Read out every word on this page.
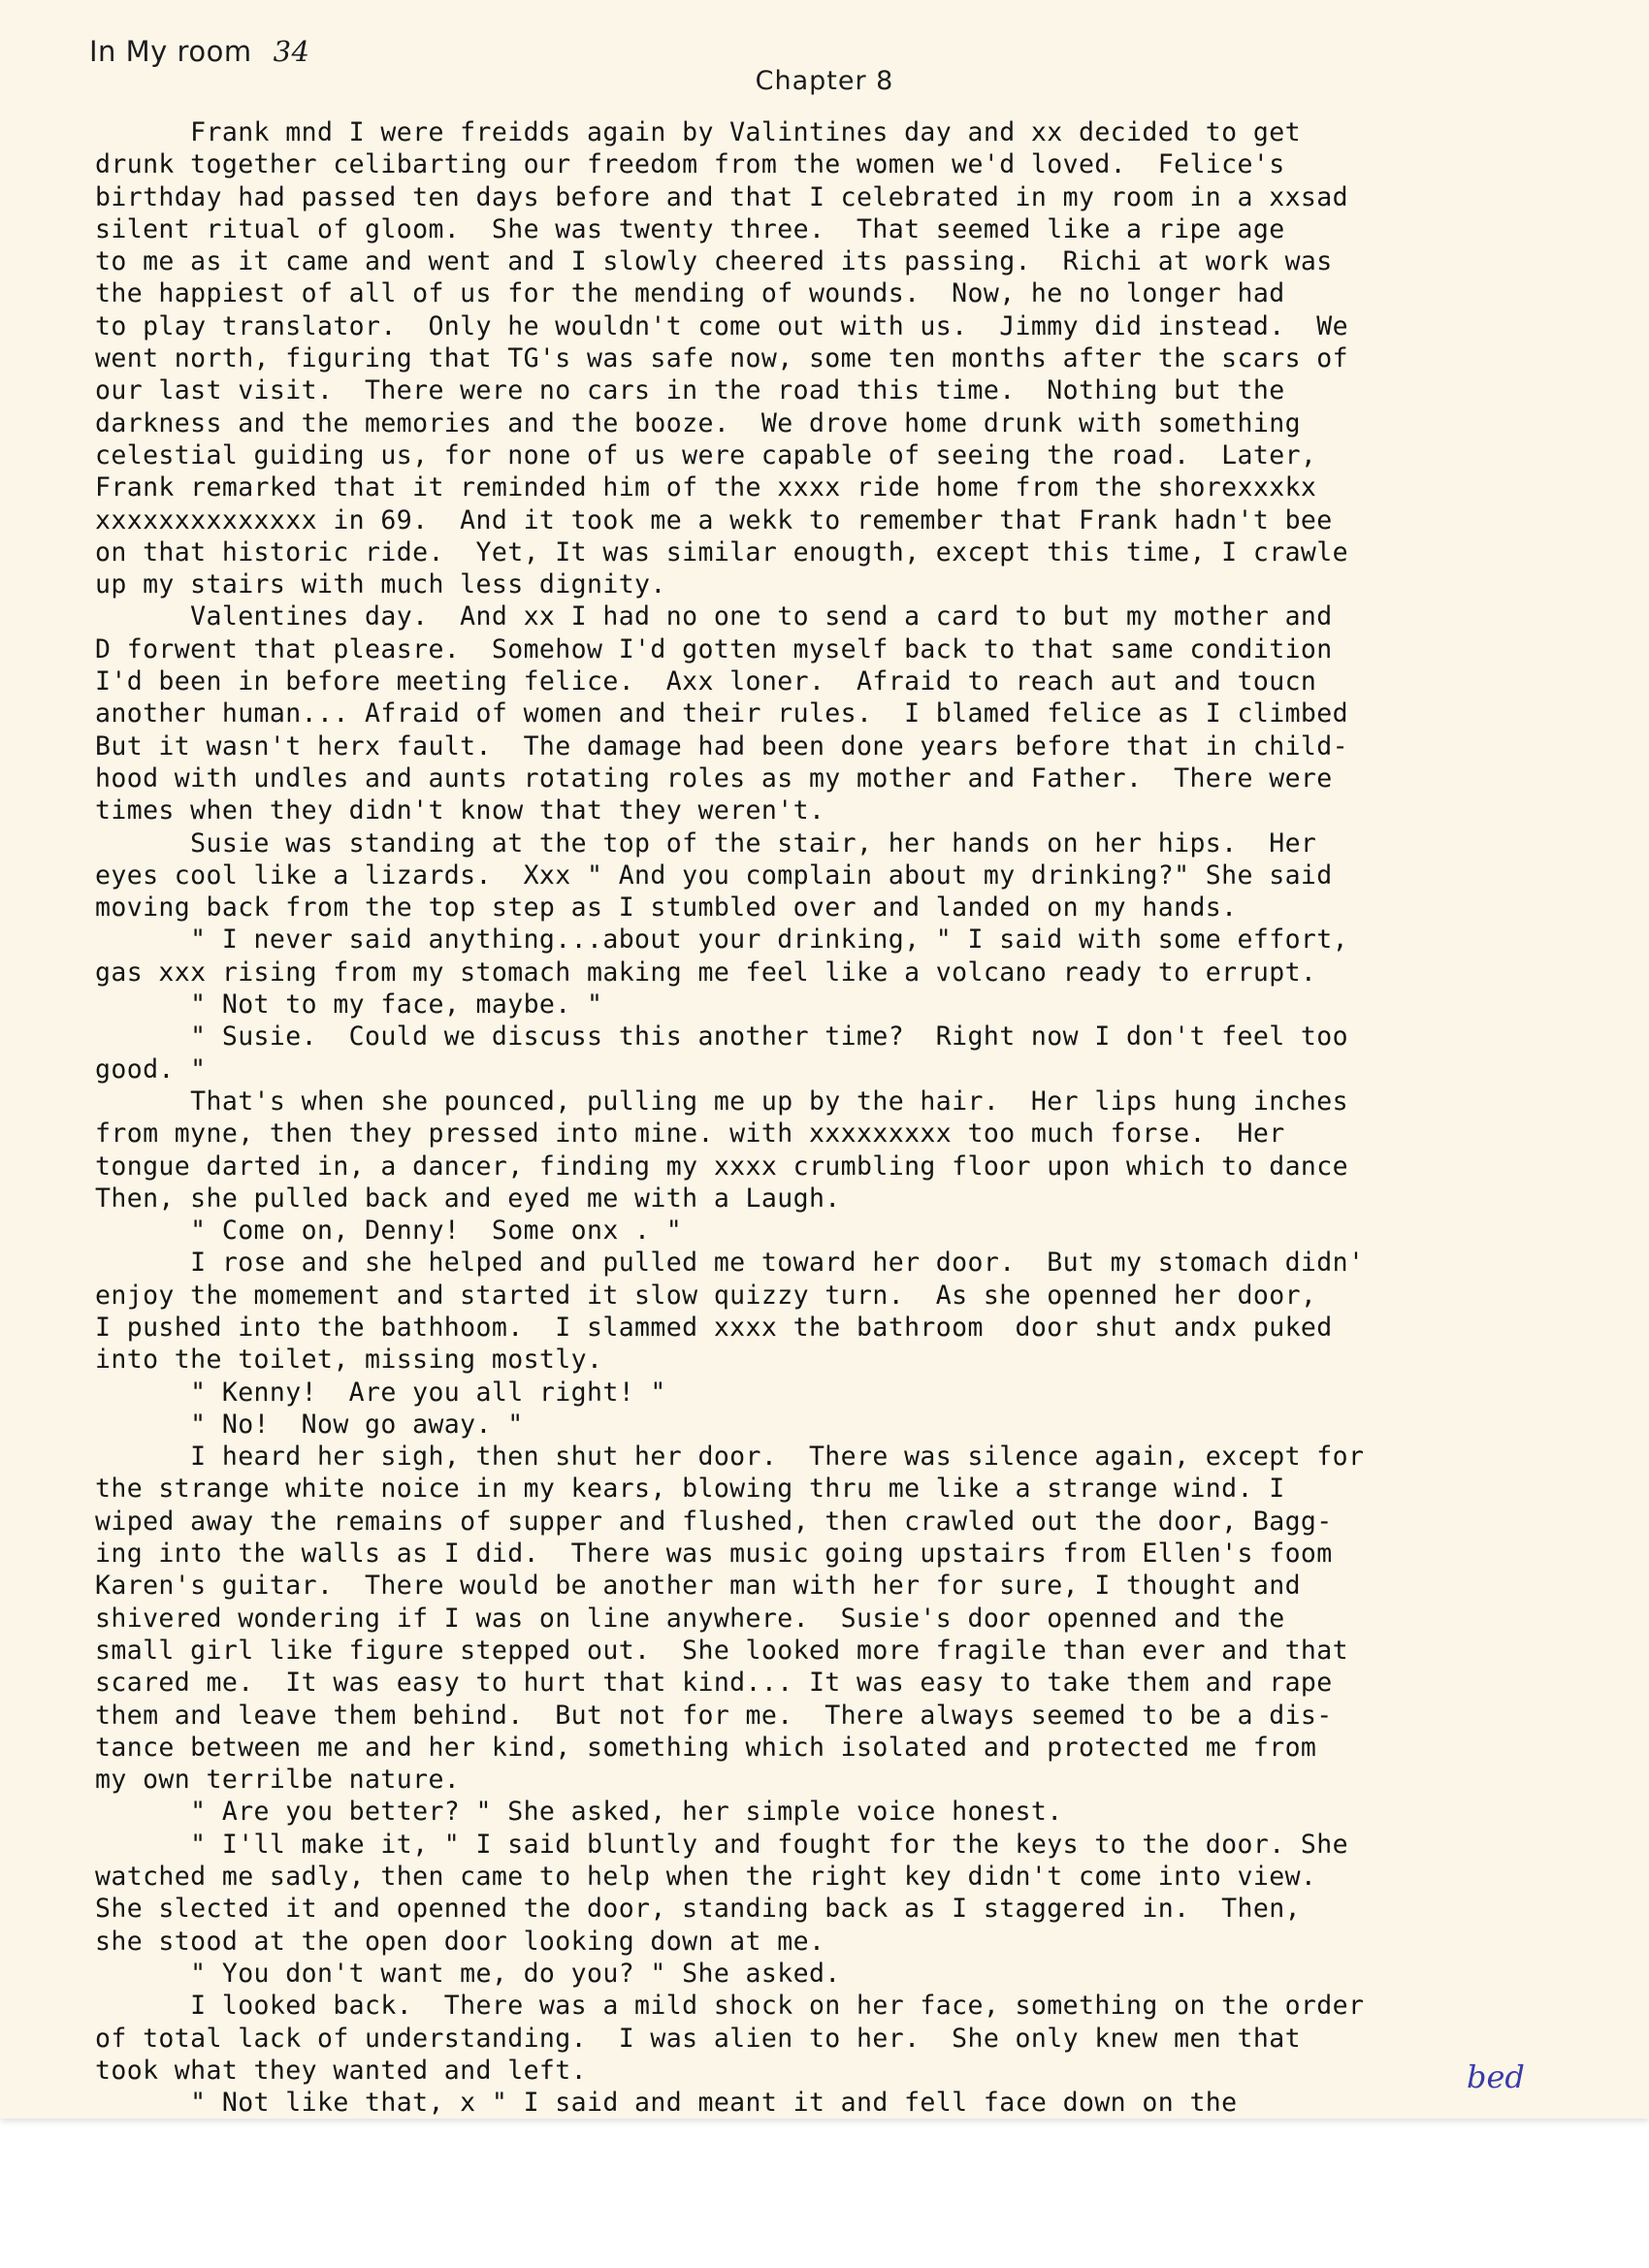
In My room 34
Chapter 8
Frank mnd I were freidds again by Valintines day and xx decided to get
drunk together celibarting our freedom from the women we'd loved.  Felice's
birthday had passed ten days before and that I celebrated in my room in a xxsad
silent ritual of gloom.  She was twenty three.  That seemed like a ripe age
to me as it came and went and I slowly cheered its passing.  Richi at work was
the happiest of all of us for the mending of wounds.  Now, he no longer had
to play translator.  Only he wouldn't come out with us.  Jimmy did instead.  We
went north, figuring that TG's was safe now, some ten months after the scars of
our last visit.  There were no cars in the road this time.  Nothing but the
darkness and the memories and the booze.  We drove home drunk with something
celestial guiding us, for none of us were capable of seeing the road.  Later,
Frank remarked that it reminded him of the xxxx ride home from the shorexxxkx
xxxxxxxxxxxxxx in 69.  And it took me a wekk to remember that Frank hadn't bee
on that historic ride.  Yet, It was similar enougth, except this time, I crawle
up my stairs with much less dignity.
Valentines day.  And xx I had no one to send a card to but my mother and
D forwent that pleasre.  Somehow I'd gotten myself back to that same condition
I'd been in before meeting felice.  Axx loner.  Afraid to reach aut and toucn
another human... Afraid of women and their rules.  I blamed felice as I climbed
But it wasn't herx fault.  The damage had been done years before that in child-
hood with undles and aunts rotating roles as my mother and Father.  There were
times when they didn't know that they weren't.
Susie was standing at the top of the stair, her hands on her hips.  Her
eyes cool like a lizards.  Xxx " And you complain about my drinking?" She said
moving back from the top step as I stumbled over and landed on my hands.
" I never said anything...about your drinking, " I said with some effort,
gas xxx rising from my stomach making me feel like a volcano ready to errupt.
" Not to my face, maybe. "
" Susie.  Could we discuss this another time?  Right now I don't feel too
good. "
That's when she pounced, pulling me up by the hair.  Her lips hung inches
from myne, then they pressed into mine. with xxxxxxxxx too much forse.  Her
tongue darted in, a dancer, finding my xxxx crumbling floor upon which to dance
Then, she pulled back and eyed me with a Laugh.
" Come on, Denny!  Some onx . "
I rose and she helped and pulled me toward her door.  But my stomach didn'
enjoy the momement and started it slow quizzy turn.  As she openned her door,
I pushed into the bathhoom.  I slammed xxxx the bathroom  door shut andx puked
into the toilet, missing mostly.
" Kenny!  Are you all right! "
" No!  Now go away. "
I heard her sigh, then shut her door.  There was silence again, except for
the strange white noice in my kears, blowing thru me like a strange wind. I
wiped away the remains of supper and flushed, then crawled out the door, Bagg-
ing into the walls as I did.  There was music going upstairs from Ellen's foom
Karen's guitar.  There would be another man with her for sure, I thought and
shivered wondering if I was on line anywhere.  Susie's door openned and the
small girl like figure stepped out.  She looked more fragile than ever and that
scared me.  It was easy to hurt that kind... It was easy to take them and rape
them and leave them behind.  But not for me.  There always seemed to be a dis-
tance between me and her kind, something which isolated and protected me from
my own terrilbe nature.
" Are you better? " She asked, her simple voice honest.
" I'll make it, " I said bluntly and fought for the keys to the door. She
watched me sadly, then came to help when the right key didn't come into view.
She slected it and openned the door, standing back as I staggered in.  Then,
she stood at the open door looking down at me.
" You don't want me, do you? " She asked.
I looked back.  There was a mild shock on her face, something on the order
of total lack of understanding.  I was alien to her.  She only knew men that
took what they wanted and left.
" Not like that, x " I said and meant it and fell face down on the
bed
